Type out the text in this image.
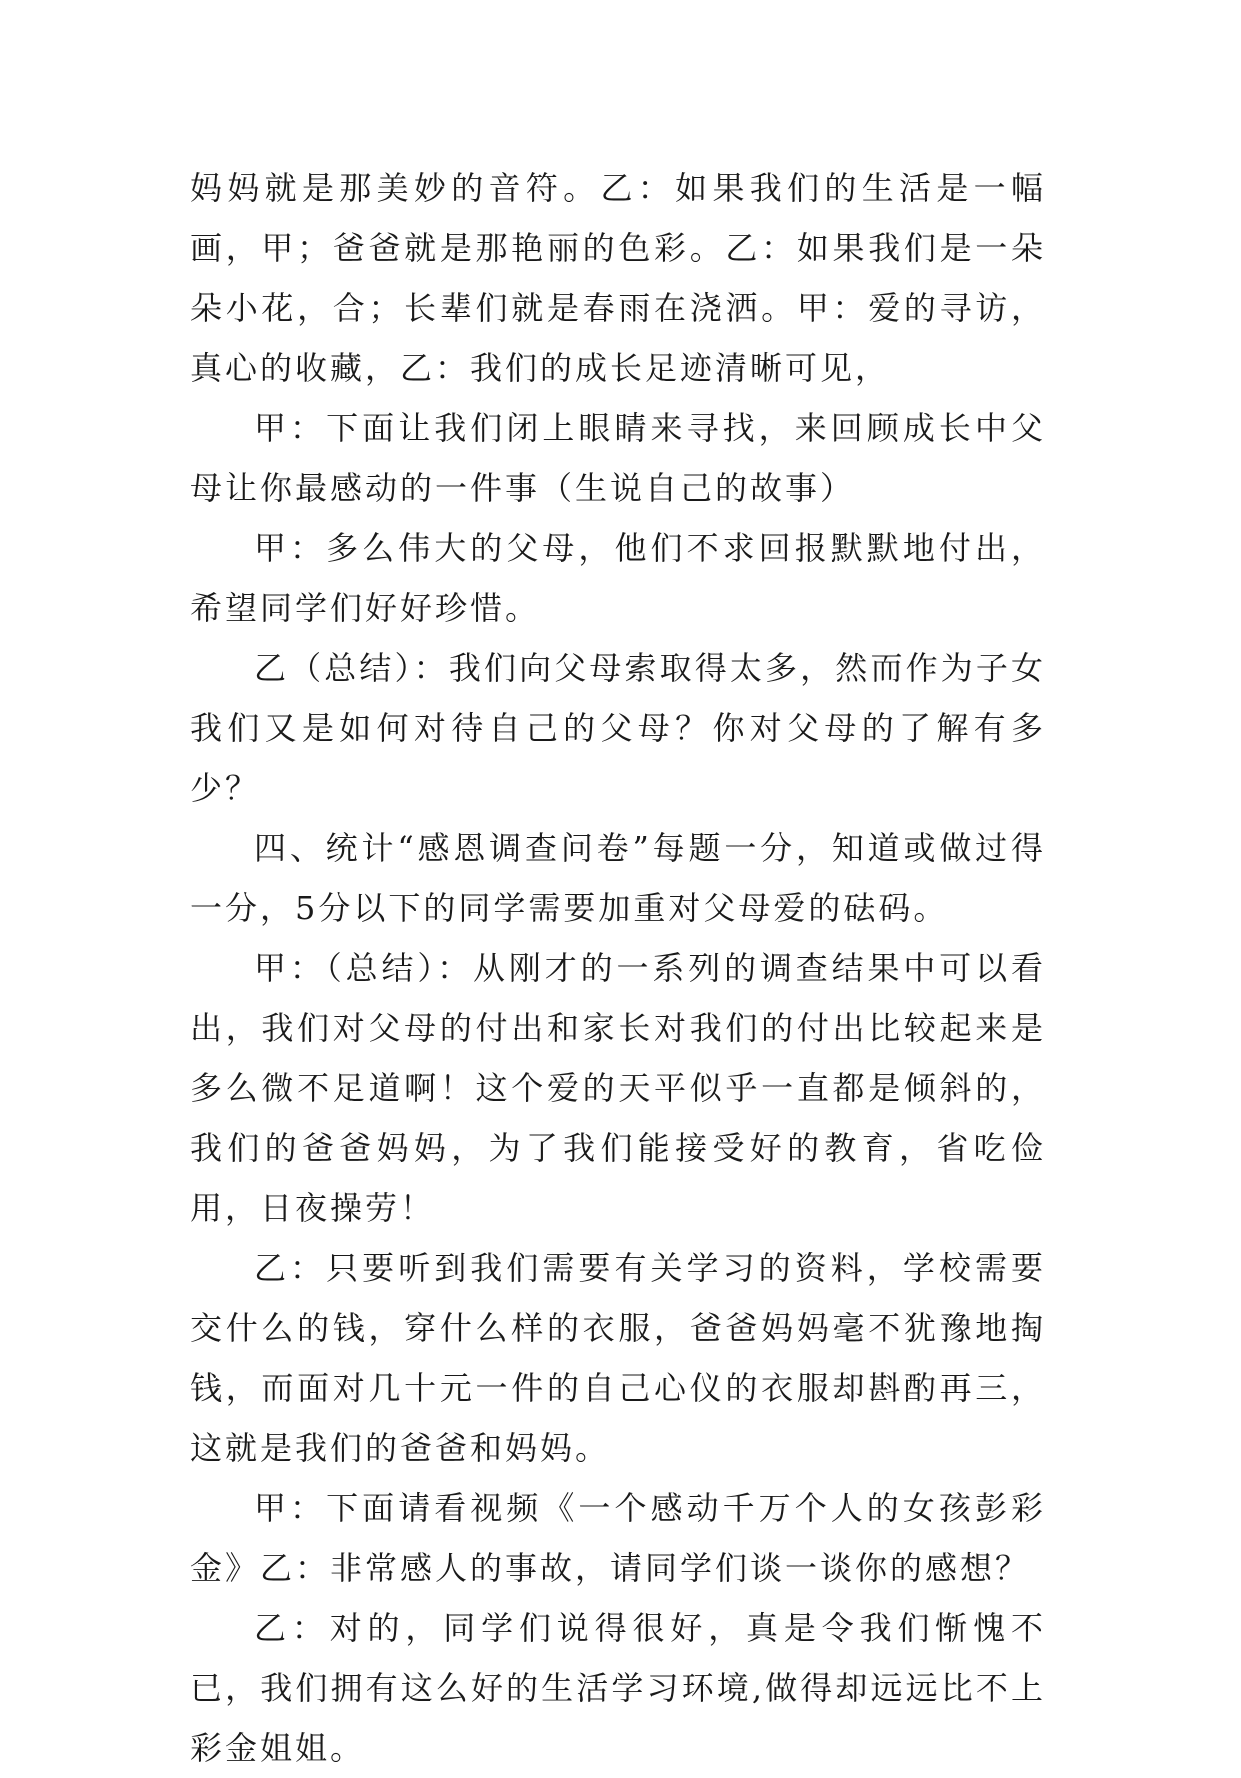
妈妈就是那美妙的音符。乙：如果我们的生活是一幅画，甲；爸爸就是那艳丽的色彩。乙：如果我们是一朵朵小花，合；长辈们就是春雨在浇洒。甲：爱的寻访，真心的收藏，乙：我们的成长足迹清晰可见，

甲：下面让我们闭上眼睛来寻找，来回顾成长中父母让你最感动的一件事（生说自己的故事）

甲：多么伟大的父母，他们不求回报默默地付出，希望同学们好好珍惜。

乙（总结）：我们向父母索取得太多，然而作为子女我们又是如何对待自己的父母？你对父母的了解有多少？

四、统计“感恩调查问卷”每题一分，知道或做过得一分，5分以下的同学需要加重对父母爱的砝码。

甲：（总结）：从刚才的一系列的调查结果中可以看出，我们对父母的付出和家长对我们的付出比较起来是多么微不足道啊！这个爱的天平似乎一直都是倾斜的，我们的爸爸妈妈，为了我们能接受好的教育，省吃俭用，日夜操劳！

乙：只要听到我们需要有关学习的资料，学校需要交什么的钱，穿什么样的衣服，爸爸妈妈毫不犹豫地掏钱，而面对几十元一件的自己心仪的衣服却斟酌再三，这就是我们的爸爸和妈妈。

甲：下面请看视频《一个感动千万个人的女孩彭彩金》乙：非常感人的事故，请同学们谈一谈你的感想？

乙：对的，同学们说得很好，真是令我们惭愧不已，我们拥有这么好的生活学习环境,做得却远远比不上彩金姐姐。
